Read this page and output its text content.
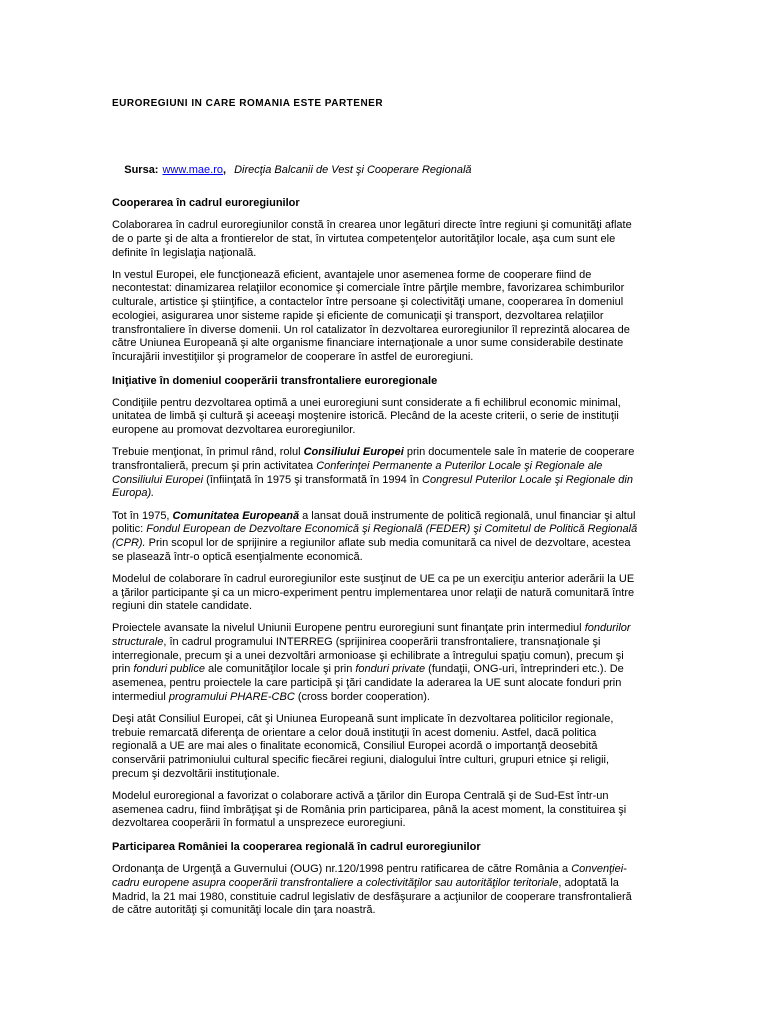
EUROREGIUNI IN CARE ROMANIA ESTE PARTENER

Sursa: www.mae.ro, Direcţia Balcanii de Vest şi Cooperare Regională

Cooperarea în cadrul euroregiunilor
Colaborarea în cadrul euroregiunilor constă în crearea unor legături directe între regiuni şi comunităţi aflate
de o parte şi de alta a frontierelor de stat, în virtutea competenţelor autorităţilor locale, aşa cum sunt ele
definite în legislaţia naţională.
In vestul Europei, ele funcţionează eficient, avantajele unor asemenea forme de cooperare fiind de
necontestat: dinamizarea relaţiilor economice şi comerciale între părţile membre, favorizarea schimburilor
culturale, artistice şi ştiinţifice, a contactelor între persoane şi colectivităţi umane, cooperarea în domeniul
ecologiei, asigurarea unor sisteme rapide şi eficiente de comunicaţii şi transport, dezvoltarea relaţiilor
transfrontaliere în diverse domenii. Un rol catalizator în dezvoltarea euroregiunilor îl reprezintă alocarea de
către Uniunea Europeană şi alte organisme financiare internaţionale a unor sume considerabile destinate
încurajării investiţiilor şi programelor de cooperare în astfel de euroregiuni.
Iniţiative în domeniul cooperării transfrontaliere euroregionale
Condiţiile pentru dezvoltarea optimă a unei euroregiuni sunt considerate a fi echilibrul economic minimal,
unitatea de limbă şi cultură şi aceeaşi moştenire istorică. Plecând de la aceste criterii, o serie de instituţii
europene au promovat dezvoltarea euroregiunilor.
Trebuie menţionat, în primul rând, rolul Consiliului Europei prin documentele sale în materie de cooperare
transfrontalieră, precum şi prin activitatea Conferinţei Permanente a Puterilor Locale şi Regionale ale
Consiliului Europei (înfiinţată în 1975 şi transformată în 1994 în Congresul Puterilor Locale şi Regionale din
Europa).
Tot în 1975, Comunitatea Europeană a lansat două instrumente de politică regională, unul financiar şi altul
politic: Fondul European de Dezvoltare Economică şi Regională (FEDER) şi Comitetul de Politică Regională
(CPR). Prin scopul lor de sprijinire a regiunilor aflate sub media comunitară ca nivel de dezvoltare, acestea
se plasează într-o optică esenţialmente economică.
Modelul de colaborare în cadrul euroregiunilor este susţinut de UE ca pe un exerciţiu anterior aderării la UE
a ţărilor participante şi ca un micro-experiment pentru implementarea unor relaţii de natură comunitară între
regiuni din statele candidate.
Proiectele avansate la nivelul Uniunii Europene pentru euroregiuni sunt finanţate prin intermediul fondurilor
structurale, în cadrul programului INTERREG (sprijinirea cooperării transfrontaliere, transnaţionale şi
interregionale, precum şi a unei dezvoltări armonioase şi echilibrate a întregului spaţiu comun), precum şi
prin fonduri publice ale comunităţilor locale şi prin fonduri private (fundaţii, ONG-uri, întreprinderi etc.). De
asemenea, pentru proiectele la care participă şi ţări candidate la aderarea la UE sunt alocate fonduri prin
intermediul programului PHARE-CBC (cross border cooperation).
Deşi atât Consiliul Europei, cât şi Uniunea Europeană sunt implicate în dezvoltarea politicilor regionale,
trebuie remarcată diferenţa de orientare a celor două instituţii în acest domeniu. Astfel, dacă politica
regională a UE are mai ales o finalitate economică, Consiliul Europei acordă o importanţă deosebită
conservării patrimoniului cultural specific fiecărei regiuni, dialogului între culturi, grupuri etnice şi religii,
precum şi dezvoltării instituţionale.
Modelul euroregional a favorizat o colaborare activă a ţărilor din Europa Centrală şi de Sud-Est într-un
asemenea cadru, fiind îmbrăţişat şi de România prin participarea, până la acest moment, la constituirea şi
dezvoltarea cooperării în formatul a unsprezece euroregiuni.
Participarea României la cooperarea regională în cadrul euroregiunilor
Ordonanţa de Urgenţă a Guvernului (OUG) nr.120/1998 pentru ratificarea de către România a Convenţiei-
cadru europene asupra cooperării transfrontaliere a colectivităţilor sau autorităţilor teritoriale, adoptată la
Madrid, la 21 mai 1980, constituie cadrul legislativ de desfăşurare a acţiunilor de cooperare transfrontalieră
de către autorităţi şi comunităţi locale din ţara noastră.
